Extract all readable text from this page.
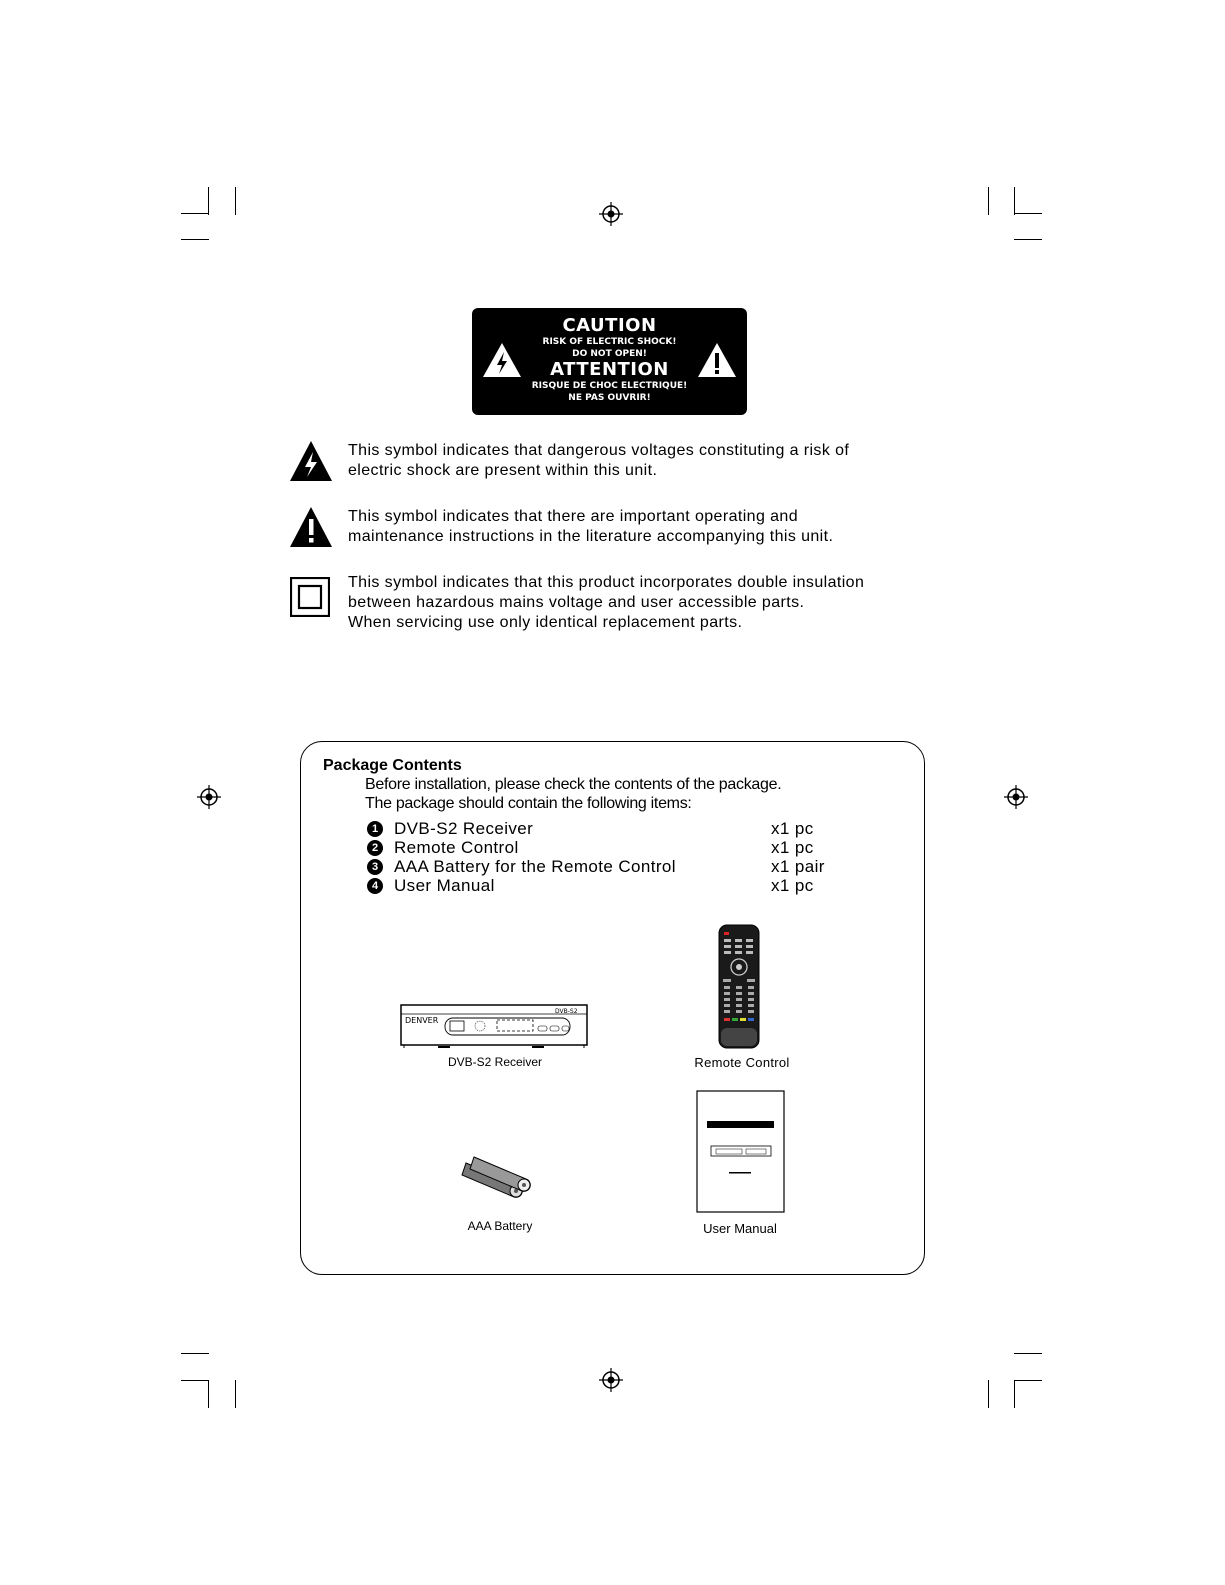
CAUTION
RISK OF ELECTRIC SHOCK!
DO NOT OPEN!
ATTENTION
RISQUE DE CHOC ELECTRIQUE!
NE PAS OUVRIR!
This symbol indicates that dangerous voltages constituting a risk of
electric shock are present within this unit.
This symbol indicates that there are important operating and
maintenance instructions in the literature accompanying this unit.
This symbol indicates that this product incorporates double insulation
between hazardous mains voltage and user accessible parts.
When servicing use only identical replacement parts.
Package Contents
Before installation, please check the contents of the package.
The package should contain the following items:
1 DVB-S2 Receiver	x1 pc
2 Remote Control	x1 pc
3 AAA Battery for the Remote Control	x1 pair
4 User Manual	x1 pc
DENVER
DVB-S2
DVB-S2 Receiver	Remote Control
AAA Battery	User Manual
